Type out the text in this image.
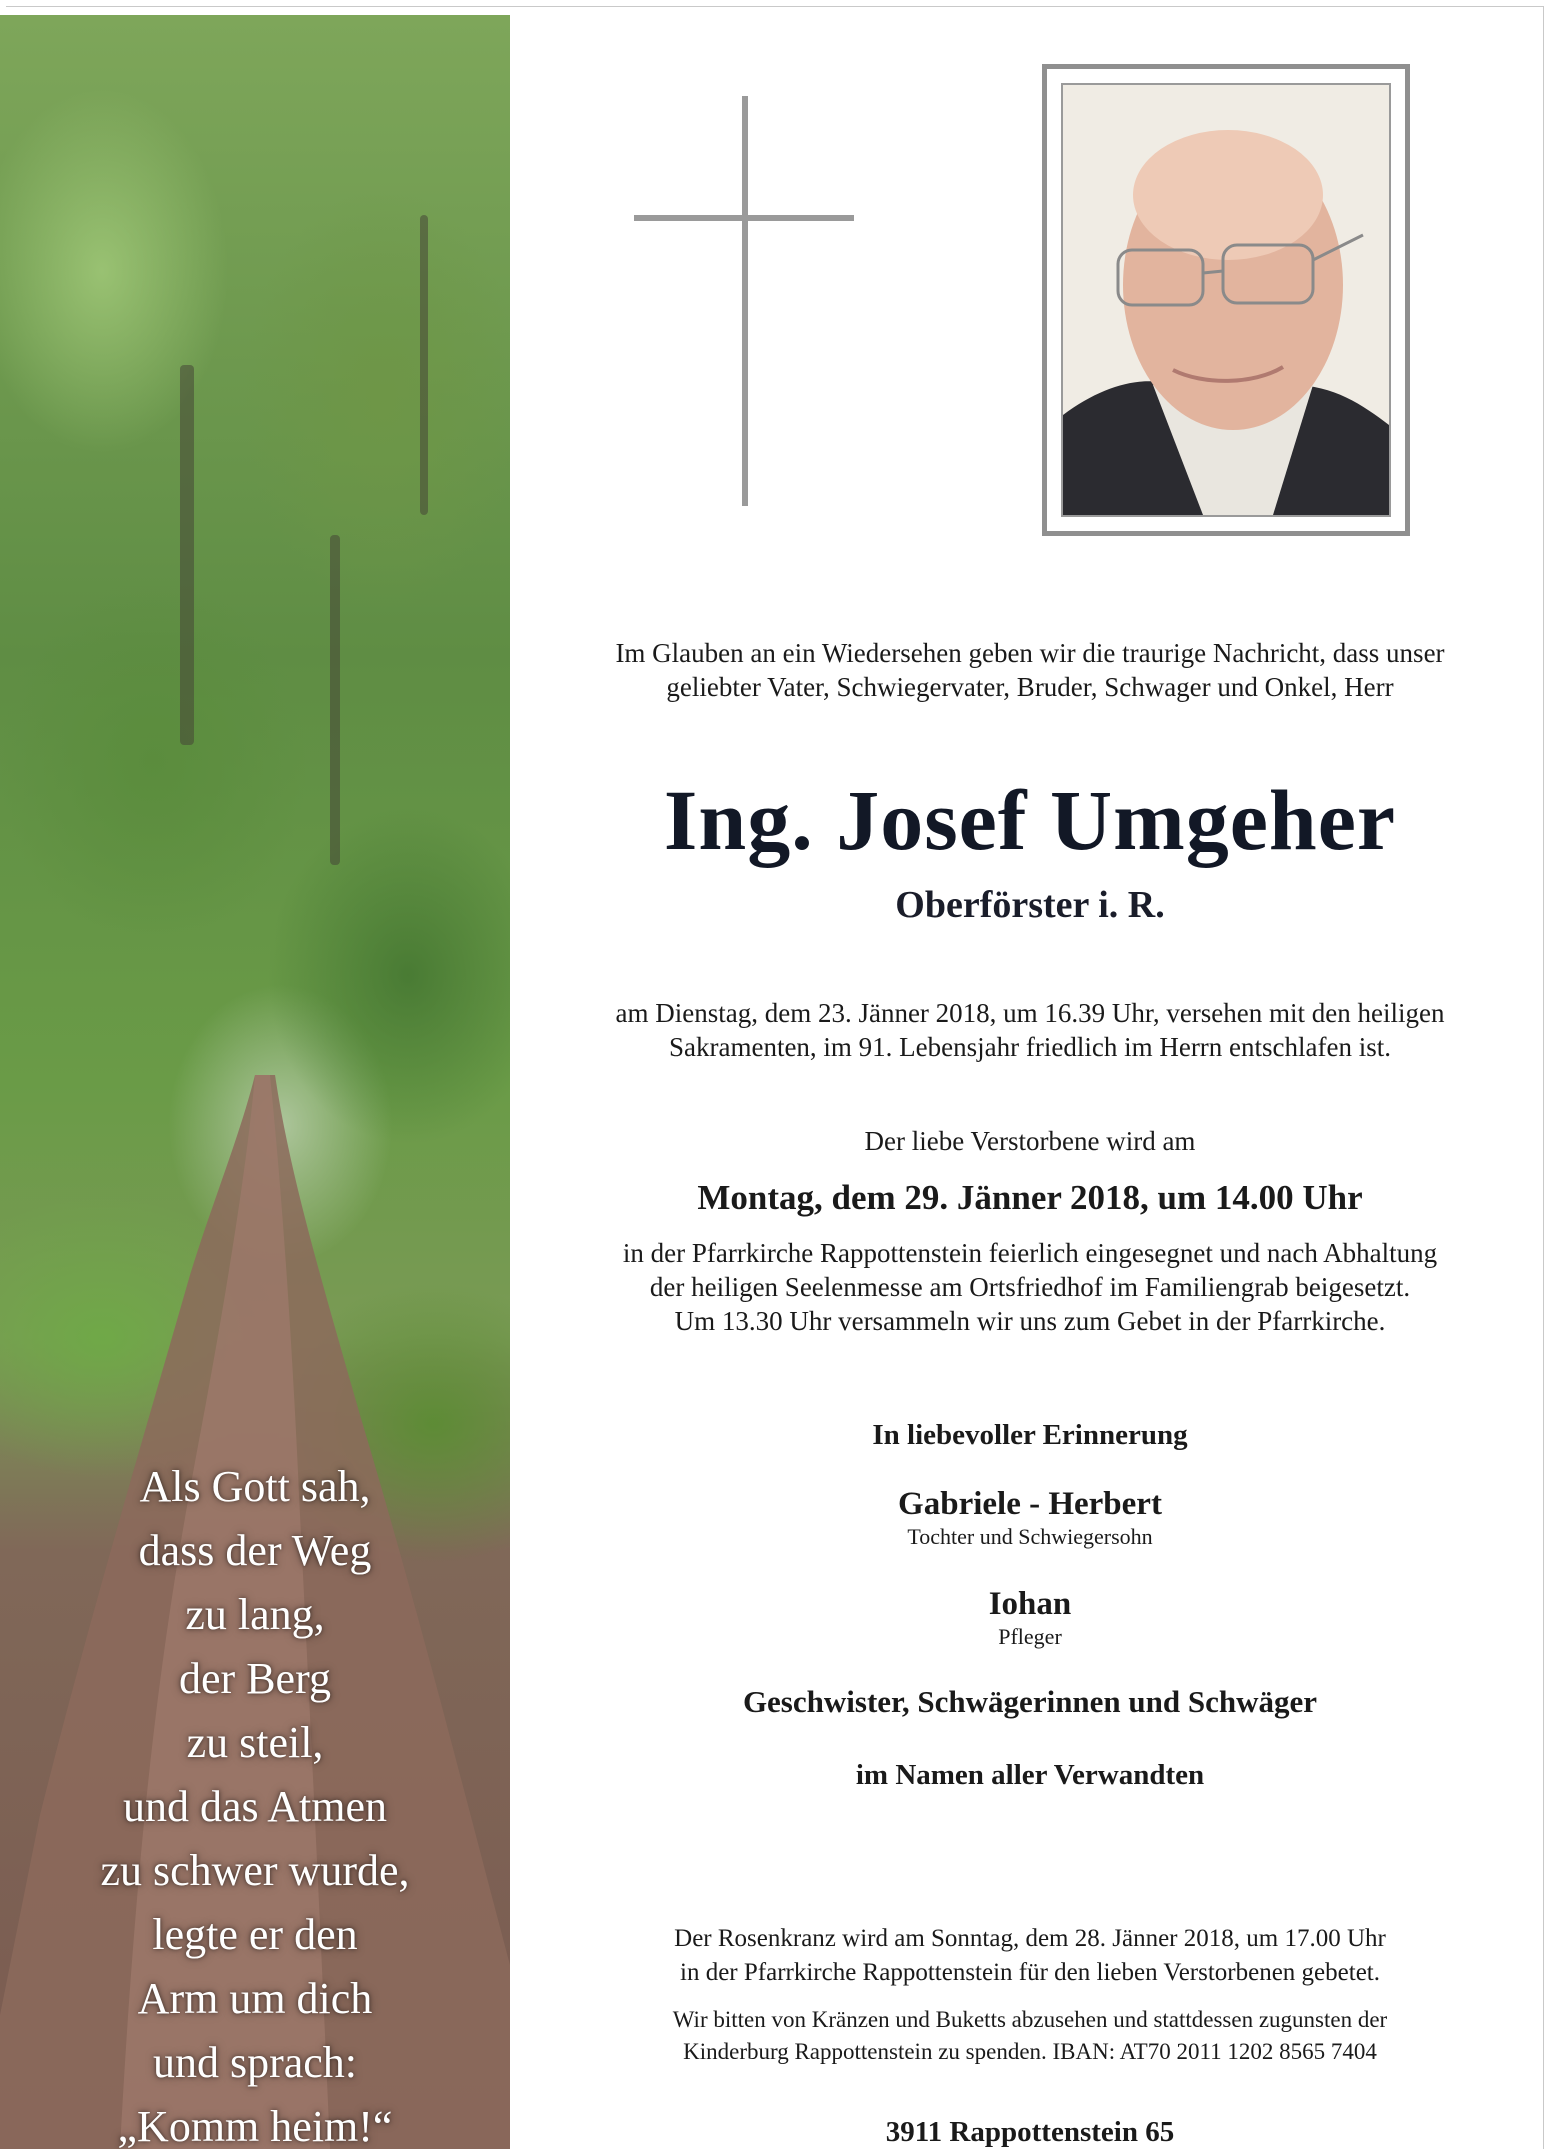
Als Gott sah,
dass der Weg
zu lang,
der Berg
zu steil,
und das Atmen
zu schwer wurde,
legte er den
Arm um dich
und sprach:
„Komm heim!“
Im Glauben an ein Wiedersehen geben wir die traurige Nachricht, dass unser
geliebter Vater, Schwiegervater, Bruder, Schwager und Onkel, Herr
Ing. Josef Umgeher
Oberförster i. R.
am Dienstag, dem 23. Jänner 2018, um 16.39 Uhr, versehen mit den heiligen
Sakramenten, im 91. Lebensjahr friedlich im Herrn entschlafen ist.
Der liebe Verstorbene wird am
Montag, dem 29. Jänner 2018, um 14.00 Uhr
in der Pfarrkirche Rappottenstein feierlich eingesegnet und nach Abhaltung
der heiligen Seelenmesse am Ortsfriedhof im Familiengrab beigesetzt.
Um 13.30 Uhr versammeln wir uns zum Gebet in der Pfarrkirche.
In liebevoller Erinnerung
Gabriele - Herbert
Tochter und Schwiegersohn
Iohan
Pfleger
Geschwister, Schwägerinnen und Schwäger
im Namen aller Verwandten
Der Rosenkranz wird am Sonntag, dem 28. Jänner 2018, um 17.00 Uhr
in der Pfarrkirche Rappottenstein für den lieben Verstorbenen gebetet.
Wir bitten von Kränzen und Buketts abzusehen und stattdessen zugunsten der
Kinderburg Rappottenstein zu spenden. IBAN: AT70 2011 1202 8565 7404
3911 Rappottenstein 65
